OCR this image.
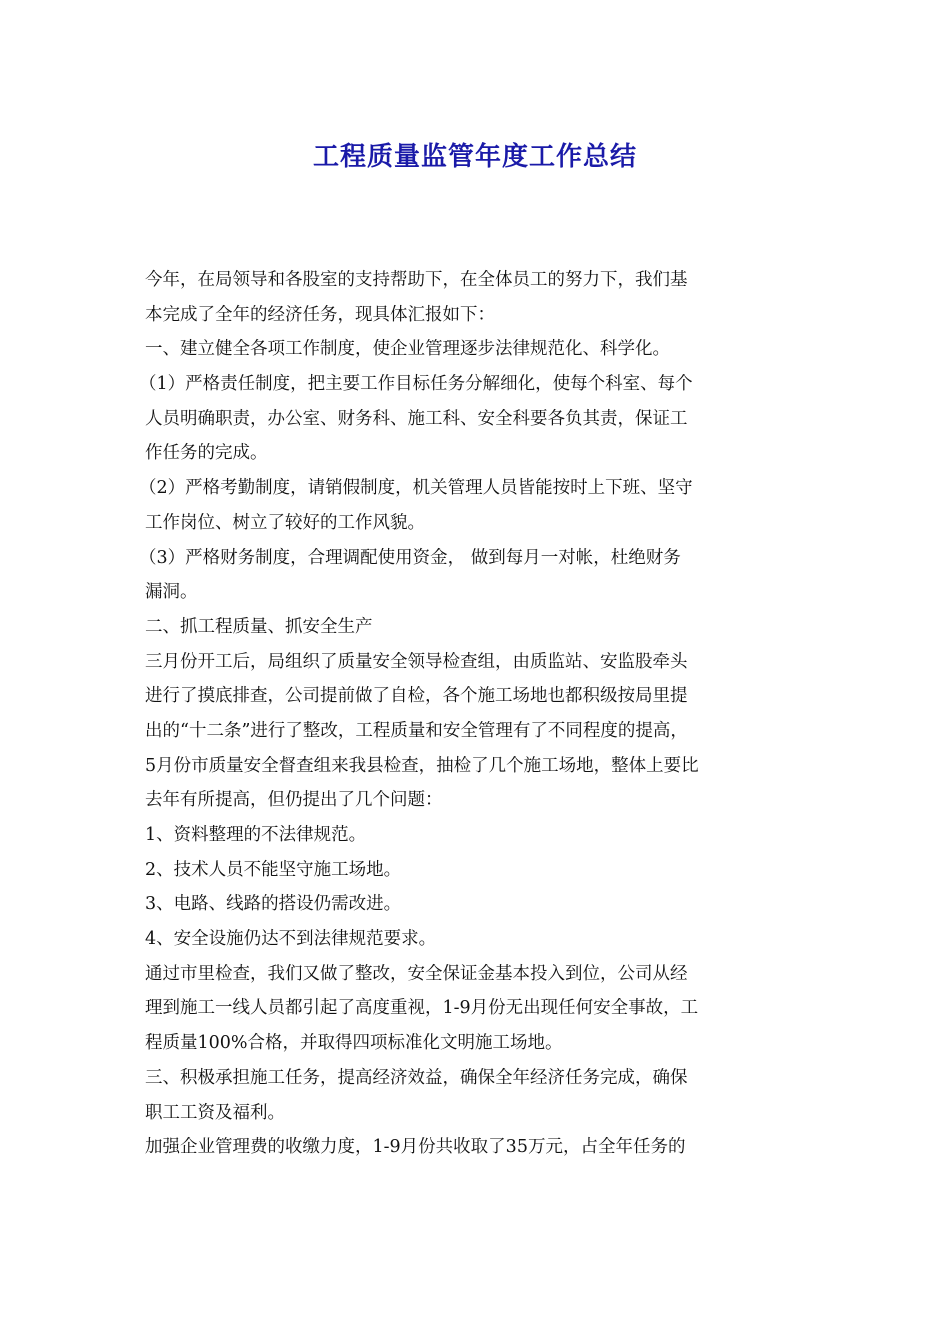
工程质量监管年度工作总结
今年，在局领导和各股室的支持帮助下，在全体员工的努力下，我们基
本完成了全年的经济任务，现具体汇报如下：
一、建立健全各项工作制度，使企业管理逐步法律规范化、科学化。
（1）严格责任制度，把主要工作目标任务分解细化，使每个科室、每个
人员明确职责，办公室、财务科、施工科、安全科要各负其责，保证工
作任务的完成。
（2）严格考勤制度，请销假制度，机关管理人员皆能按时上下班、坚守
工作岗位、树立了较好的工作风貌。
（3）严格财务制度，合理调配使用资金， 做到每月一对帐，杜绝财务
漏洞。
二、抓工程质量、抓安全生产
三月份开工后，局组织了质量安全领导检查组，由质监站、安监股牵头
进行了摸底排查，公司提前做了自检，各个施工场地也都积级按局里提
出的“十二条”进行了整改，工程质量和安全管理有了不同程度的提高，
5月份市质量安全督查组来我县检查，抽检了几个施工场地，整体上要比
去年有所提高，但仍提出了几个问题：
1、资料整理的不法律规范。
2、技术人员不能坚守施工场地。
3、电路、线路的搭设仍需改进。
4、安全设施仍达不到法律规范要求。
通过市里检查，我们又做了整改，安全保证金基本投入到位，公司从经
理到施工一线人员都引起了高度重视，1-9月份无出现任何安全事故，工
程质量100%合格，并取得四项标准化文明施工场地。
三、积极承担施工任务，提高经济效益，确保全年经济任务完成，确保
职工工资及福利。
加强企业管理费的收缴力度，1-9月份共收取了35万元，占全年任务的
